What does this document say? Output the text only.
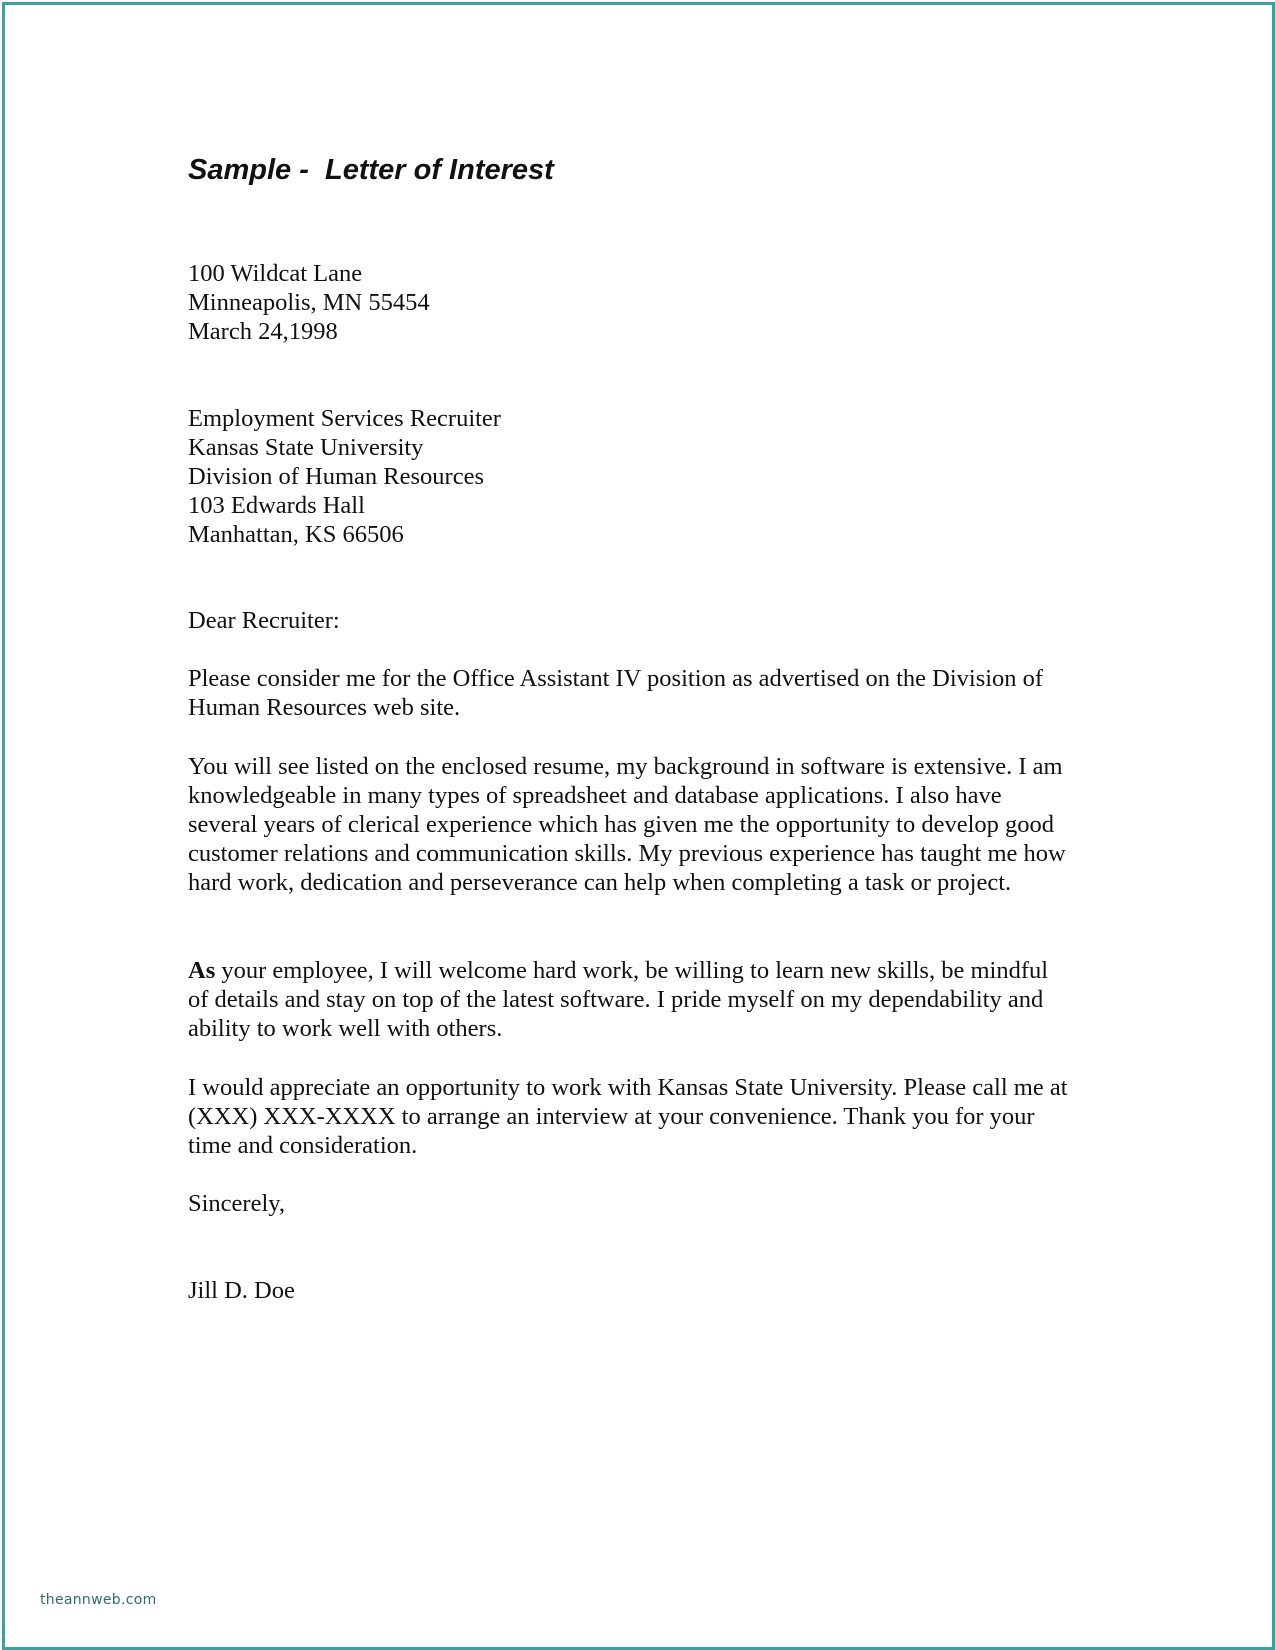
Sample -  Letter of Interest
100 Wildcat Lane
Minneapolis, MN 55454
March 24,1998
Employment Services Recruiter
Kansas State University
Division of Human Resources
103 Edwards Hall
Manhattan, KS 66506

Dear Recruiter:

Please consider me for the Office Assistant IV position as advertised on the Division of Human Resources web site.

You will see listed on the enclosed resume, my background in software is extensive. I am knowledgeable in many types of spreadsheet and database applications. I also have several years of clerical experience which has given me the opportunity to develop good customer relations and communication skills. My previous experience has taught me how hard work, dedication and perseverance can help when completing a task or project.

As your employee, I will welcome hard work, be willing to learn new skills, be mindful of details and stay on top of the latest software. I pride myself on my dependability and ability to work well with others.

I would appreciate an opportunity to work with Kansas State University. Please call me at (XXX) XXX-XXXX to arrange an interview at your convenience. Thank you for your time and consideration.

Sincerely,

Jill D. Doe

theannweb.com
